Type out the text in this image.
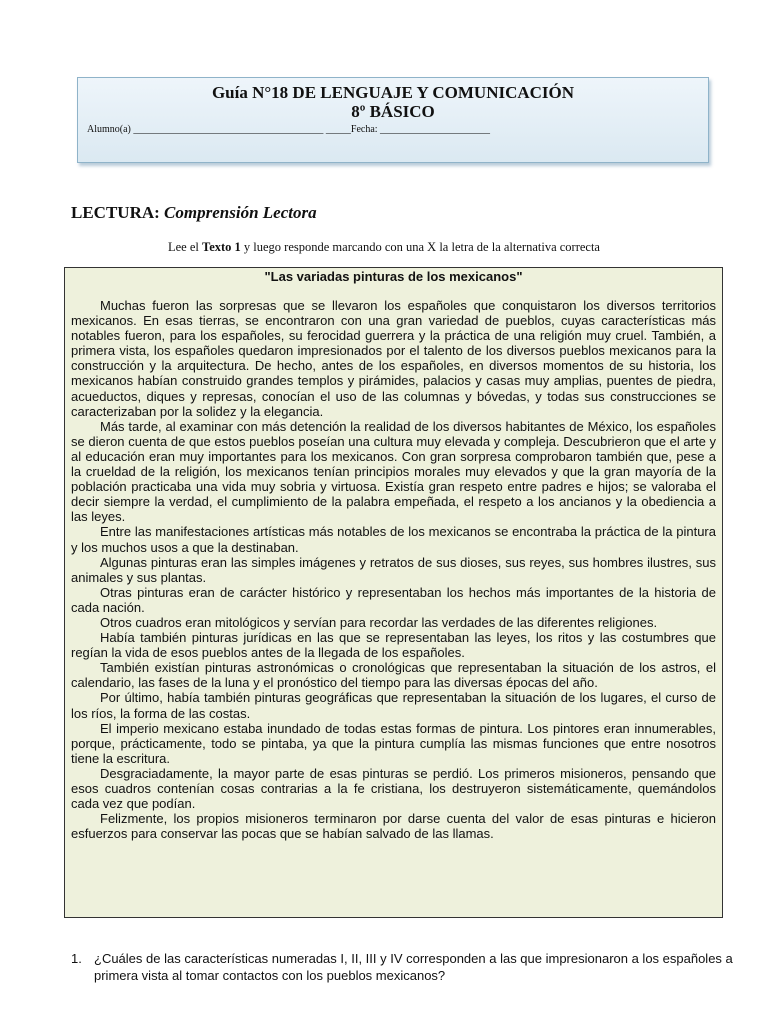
Guía N°18 DE LENGUAJE Y COMUNICACIÓN
8º BÁSICO
Alumno(a) ______________________________________ _____Fecha: ______________________
LECTURA: Comprensión Lectora
Lee el Texto 1 y luego responde marcando con una X la letra de la alternativa correcta
"Las variadas pinturas de los mexicanos"

Muchas fueron las sorpresas que se llevaron los españoles que conquistaron los diversos territorios mexicanos. En esas tierras, se encontraron con una gran variedad de pueblos, cuyas características más notables fueron, para los españoles, su ferocidad guerrera y la práctica de una religión muy cruel. También, a primera vista, los españoles quedaron impresionados por el talento de los diversos pueblos mexicanos para la construcción y la arquitectura. De hecho, antes de los españoles, en diversos momentos de su historia, los mexicanos habían construido grandes templos y pirámides, palacios y casas muy amplias, puentes de piedra, acueductos, diques y represas, conocían el uso de las columnas y bóvedas, y todas sus construcciones se caracterizaban por la solidez y la elegancia.

Más tarde, al examinar con más detención la realidad de los diversos habitantes de México, los españoles se dieron cuenta de que estos pueblos poseían una cultura muy elevada y compleja. Descubrieron que el arte y al educación eran muy importantes para los mexicanos. Con gran sorpresa comprobaron también que, pese a la crueldad de la religión, los mexicanos tenían principios morales muy elevados y que la gran mayoría de la población practicaba una vida muy sobria y virtuosa. Existía gran respeto entre padres e hijos; se valoraba el decir siempre la verdad, el cumplimiento de la palabra empeñada, el respeto a los ancianos y la obediencia a las leyes.

Entre las manifestaciones artísticas más notables de los mexicanos se encontraba la práctica de la pintura y los muchos usos a que la destinaban.

Algunas pinturas eran las simples imágenes y retratos de sus dioses, sus reyes, sus hombres ilustres, sus animales y sus plantas.

Otras pinturas eran de carácter histórico y representaban los hechos más importantes de la historia de cada nación.

Otros cuadros eran mitológicos y servían para recordar las verdades de las diferentes religiones.

Había también pinturas jurídicas en las que se representaban las leyes, los ritos y las costumbres que regían la vida de esos pueblos antes de la llegada de los españoles.

También existían pinturas astronómicas o cronológicas que representaban la situación de los astros, el calendario, las fases de la luna y el pronóstico del tiempo para las diversas épocas del año.

Por último, había también pinturas geográficas que representaban la situación de los lugares, el curso de los ríos, la forma de las costas.

El imperio mexicano estaba inundado de todas estas formas de pintura. Los pintores eran innumerables, porque, prácticamente, todo se pintaba, ya que la pintura cumplía las mismas funciones que entre nosotros tiene la escritura.

Desgraciadamente, la mayor parte de esas pinturas se perdió. Los primeros misioneros, pensando que esos cuadros contenían cosas contrarias a la fe cristiana, los destruyeron sistemáticamente, quemándolos cada vez que podían.

Felizmente, los propios misioneros terminaron por darse cuenta del valor de esas pinturas e hicieron esfuerzos para conservar las pocas que se habían salvado de las llamas.

1. ¿Cuáles de las características numeradas I, II, III y IV corresponden a las que impresionaron a los españoles a primera vista al tomar contactos con los pueblos mexicanos?
